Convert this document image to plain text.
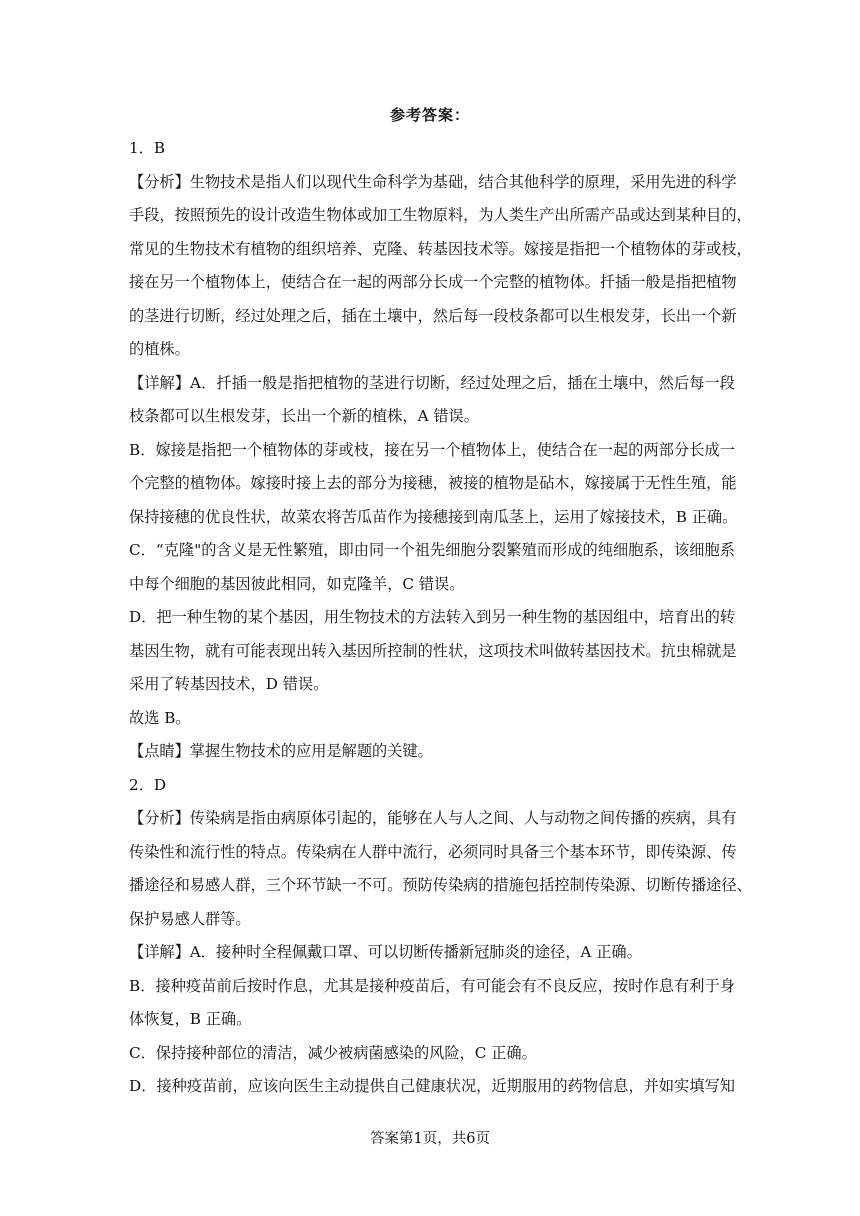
参考答案：
1．B
【分析】生物技术是指人们以现代生命科学为基础，结合其他科学的原理，采用先进的科学
手段，按照预先的设计改造生物体或加工生物原料，为人类生产出所需产品或达到某种目的，
常见的生物技术有植物的组织培养、克隆、转基因技术等。嫁接是指把一个植物体的芽或枝，
接在另一个植物体上，使结合在一起的两部分长成一个完整的植物体。扦插一般是指把植物
的茎进行切断，经过处理之后，插在土壤中，然后每一段枝条都可以生根发芽，长出一个新
的植株。
【详解】A．扦插一般是指把植物的茎进行切断，经过处理之后，插在土壤中，然后每一段
枝条都可以生根发芽，长出一个新的植株，A 错误。
B．嫁接是指把一个植物体的芽或枝，接在另一个植物体上，使结合在一起的两部分长成一
个完整的植物体。嫁接时接上去的部分为接穗，被接的植物是砧木，嫁接属于无性生殖，能
保持接穗的优良性状，故菜农将苦瓜苗作为接穗接到南瓜茎上，运用了嫁接技术，B 正确。
C．“克隆"的含义是无性繁殖，即由同一个祖先细胞分裂繁殖而形成的纯细胞系，该细胞系
中每个细胞的基因彼此相同，如克隆羊，C 错误。
D．把一种生物的某个基因，用生物技术的方法转入到另一种生物的基因组中，培育出的转
基因生物，就有可能表现出转入基因所控制的性状，这项技术叫做转基因技术。抗虫棉就是
采用了转基因技术，D 错误。
故选 B。
【点睛】掌握生物技术的应用是解题的关键。
2．D
【分析】传染病是指由病原体引起的，能够在人与人之间、人与动物之间传播的疾病，具有
传染性和流行性的特点。传染病在人群中流行，必须同时具备三个基本环节，即传染源、传
播途径和易感人群，三个环节缺一不可。预防传染病的措施包括控制传染源、切断传播途径、
保护易感人群等。
【详解】A．接种时全程佩戴口罩、可以切断传播新冠肺炎的途径，A 正确。
B．接种疫苗前后按时作息，尤其是接种疫苗后，有可能会有不良反应，按时作息有利于身
体恢复，B 正确。
C．保持接种部位的清洁，减少被病菌感染的风险，C 正确。
D．接种疫苗前，应该向医生主动提供自己健康状况，近期服用的药物信息，并如实填写知
答案第1页，共6页
